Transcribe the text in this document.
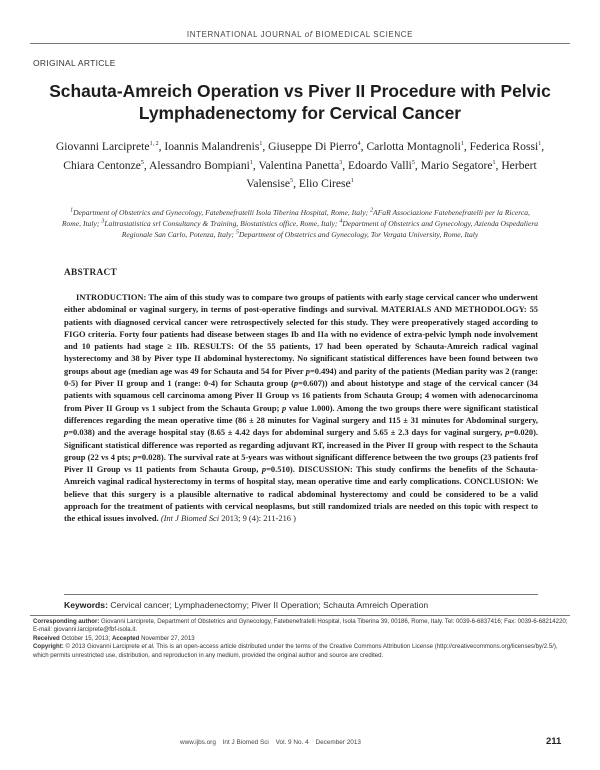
INTERNATIONAL JOURNAL of BIOMEDICAL SCIENCE
ORIGINAL ARTICLE
Schauta-Amreich Operation vs Piver II Procedure with Pelvic Lymphadenectomy for Cervical Cancer

Giovanni Larciprete$^{1, 2}$, Ioannis Malandrenis$^1$, Giuseppe Di Pierro$^4$, Carlotta Montagnoli$^1$, Federica Rossi$^1$, Chiara Centonze$^5$, Alessandro Bompiani$^1$, Valentina Panetta$^3$, Edoardo Valli$^5$, Mario Segatore$^1$, Herbert Valensise$^5$, Elio Cirese$^1$

$^1$Department of Obstetrics and Gynecology, Fatebenefratelli Isola Tiberina Hospital, Rome, Italy; $^2$AFaR Associazione Fatebenefratelli per la Ricerca, Rome, Italy; $^3$Laltrastatistica srl Consultancy & Training, Biostatistics office, Rome, Italy; $^4$Department of Obstetrics and Gynecology, Azienda Ospedaliera Regionale San Carlo, Potenza, Italy; $^5$Department of Obstetrics and Gynecology, Tor Vergata University, Rome, Italy

ABSTRACT

INTRODUCTION: The aim of this study was to compare two groups of patients with early stage cervical cancer who underwent either abdominal or vaginal surgery, in terms of post-operative findings and survival. MATERIALS AND METHODOLOGY: 55 patients with diagnosed cervical cancer were retrospectively selected for this study. They were preoperatively staged according to FIGO criteria. Forty four patients had disease between stages Ib and IIa with no evidence of extra-pelvic lymph node involvement and 10 patients had stage ≥ IIb. RESULTS: Of the 55 patients, 17 had been operated by Schauta-Amreich radical vaginal hysterectomy and 38 by Piver type II abdominal hysterectomy. No significant statistical differences have been found between two groups about age (median age was 49 for Schauta and 54 for Piver p=0.494) and parity of the patients (Median parity was 2 (range: 0-5) for Piver II group and 1 (range: 0-4) for Schauta group (p=0.607)) and about histotype and stage of the cervical cancer (34 patients with squamous cell carcinoma among Piver II Group vs 16 patients from Schauta Group; 4 women with adenocarcinoma from Piver II Group vs 1 subject from the Schauta Group; p value 1.000). Among the two groups there were significant statistical differences regarding the mean operative time (86 ± 28 minutes for Vaginal surgery and 115 ± 31 minutes for Abdominal surgery, p=0.038) and the average hospital stay (8.65 ± 4.42 days for abdominal surgery and 5.65 ± 2.3 days for vaginal surgery, p=0.020). Significant statistical difference was reported as regarding adjuvant RT, increased in the Piver II group with respect to the Schauta group (22 vs 4 pts; p=0.028). The survival rate at 5-years was without significant difference between the two groups (23 patients frof Piver II Group vs 11 patients from Schauta Group, p=0.510). DISCUSSION: This study confirms the benefits of the Schauta-Amreich vaginal radical hysterectomy in terms of hospital stay, mean operative time and early complications. CONCLUSION: We believe that this surgery is a plausible alternative to radical abdominal hysterectomy and could be considered to be a valid approach for the treatment of patients with cervical neoplasms, but still randomized trials are needed on this topic with respect to the ethical issues involved. (Int J Biomed Sci 2013; 9 (4): 211-216 )

Keywords: Cervical cancer; Lymphadenectomy; Piver II Operation; Schauta Amreich Operation

Corresponding author: Giovanni Larciprete, Department of Obstetrics and Gynecology, Fatebenefratelli Hospital, Isola Tiberina 39, 00186, Rome, Italy. Tel: 0039-6-6837416; Fax: 0039-6-68214220; E-mail: giovanni.larciprete@fbf-isola.it.
Received October 15, 2013; Accepted November 27, 2013
Copyright: © 2013 Giovanni Larciprete et al. This is an open-access article distributed under the terms of the Creative Commons Attribution License (http://creativecommons.org/licenses/by/2.5/), which permits unrestricted use, distribution, and reproduction in any medium, provided the original author and source are credited.

www.ijbs.org Int J Biomed Sci Vol. 9 No. 4 December 2013	211
